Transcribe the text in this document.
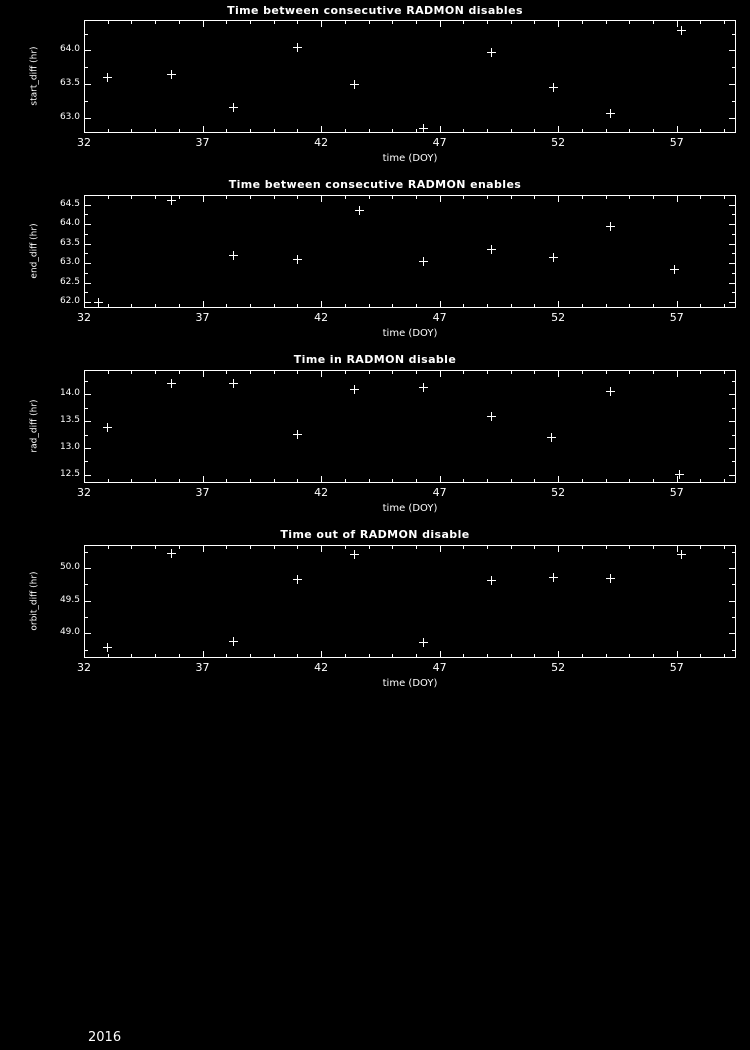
Time between consecutive RADMON disables
32	37	42	47	52	57
63.0
63.5
64.0
time (DOY)
start_diff (hr)
Time between consecutive RADMON enables
32	37	42	47	52	57
62.0
62.5
63.0
63.5
64.0
64.5
time (DOY)
end_diff (hr)
Time in RADMON disable
32	37	42	47	52	57
12.5
13.0
13.5
14.0
time (DOY)
rad_diff (hr)
Time out of RADMON disable
32	37	42	47	52	57
49.0
49.5
50.0
time (DOY)
orbit_diff (hr)
2016
